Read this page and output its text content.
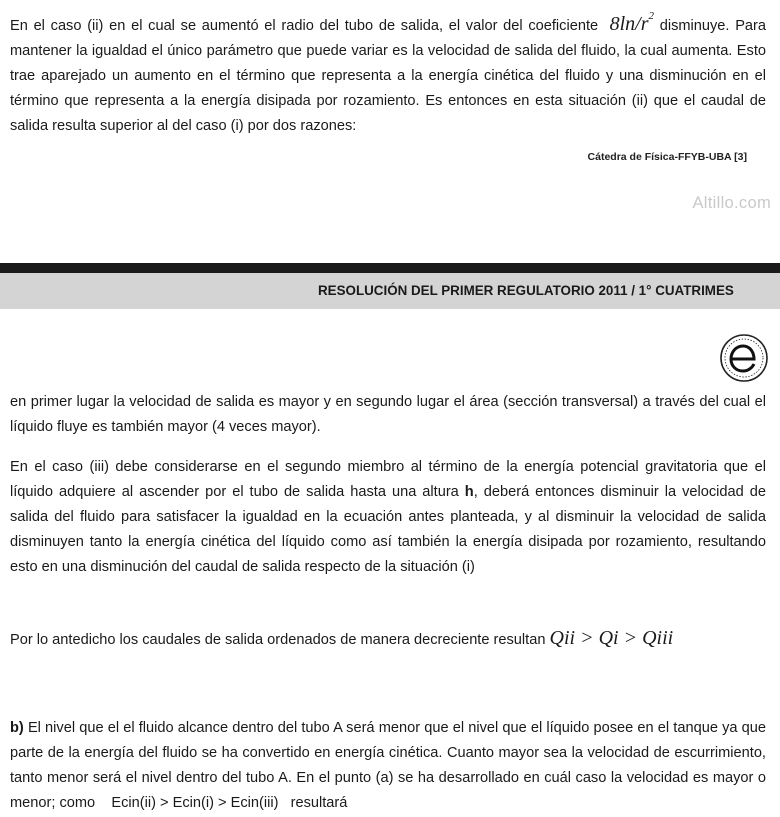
En el caso (ii) en el cual se aumentó el radio del tubo de salida, el valor del coeficiente $8\ln/r^2$ disminuye. Para mantener la igualdad el único parámetro que puede variar es la velocidad de salida del fluido, la cual aumenta. Esto trae aparejado un aumento en el término que representa a la energía cinética del fluido y una disminución en el término que representa a la energía disipada por rozamiento. Es entonces en esta situación (ii) que el caudal de salida resulta superior al del caso (i) por dos razones:

Cátedra de Física-FFYB-UBA [3]
Altillo.com
RESOLUCIÓN DEL PRIMER REGULATORIO 2011 / 1° CUATRIMES

en primer lugar la velocidad de salida es mayor y en segundo lugar el área (sección transversal) a través del cual el líquido fluye es también mayor (4 veces mayor).

En el caso (iii) debe considerarse en el segundo miembro al término de la energía potencial gravitatoria que el líquido adquiere al ascender por el tubo de salida hasta una altura h, deberá entonces disminuir la velocidad de salida del fluido para satisfacer la igualdad en la ecuación antes planteada, y al disminuir la velocidad de salida disminuyen tanto la energía cinética del líquido como así también la energía disipada por rozamiento, resultando esto en una disminución del caudal de salida respecto de la situación (i)

Por lo antedicho los caudales de salida ordenados de manera decreciente resultan Qii > Qi > Qiii

b) El nivel que el el fluido alcance dentro del tubo A será menor que el nivel que el líquido posee en el tanque ya que parte de la energía del fluido se ha convertido en energía cinética. Cuanto mayor sea la velocidad de escurrimiento, tanto menor será el nivel dentro del tubo A. En el punto (a) se ha desarrollado en cuál caso la velocidad es mayor o menor; como Ecin(ii) > Ecin(i) > Ecin(iii) resultará
